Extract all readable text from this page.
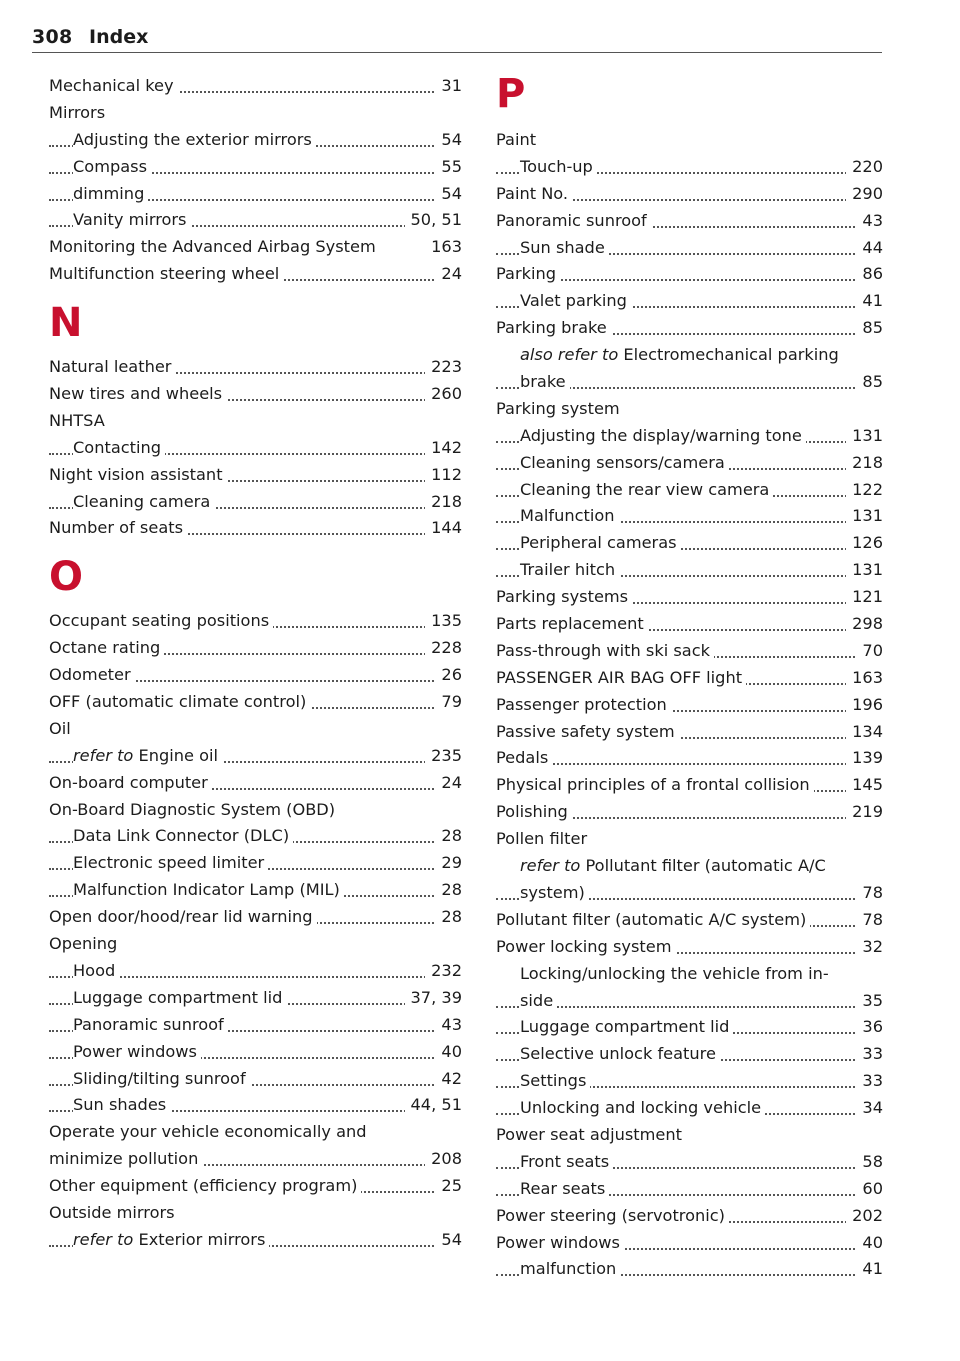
308 Index
Mechanical key	31
Mirrors
Adjusting the exterior mirrors	54
Compass	55
dimming	54
Vanity mirrors	50, 51
Monitoring the Advanced Airbag System	163
Multifunction steering wheel	24
N
Natural leather	223
New tires and wheels	260
NHTSA
Contacting	142
Night vision assistant	112
Cleaning camera	218
Number of seats	144
O
Occupant seating positions	135
Octane rating	228
Odometer	26
OFF (automatic climate control)	79
Oil
refer to Engine oil	235
On-board computer	24
On-Board Diagnostic System (OBD)
Data Link Connector (DLC)	28
Electronic speed limiter	29
Malfunction Indicator Lamp (MIL)	28
Open door/hood/rear lid warning	28
Opening
Hood	232
Luggage compartment lid	37, 39
Panoramic sunroof	43
Power windows	40
Sliding/tilting sunroof	42
Sun shades	44, 51
Operate your vehicle economically and
minimize pollution	208
Other equipment (efficiency program)	25
Outside mirrors
refer to Exterior mirrors	54
P
Paint
Touch-up	220
Paint No.	290
Panoramic sunroof	43
Sun shade	44
Parking	86
Valet parking	41
Parking brake	85
also refer to Electromechanical parking
brake	85
Parking system
Adjusting the display/warning tone	131
Cleaning sensors/camera	218
Cleaning the rear view camera	122
Malfunction	131
Peripheral cameras	126
Trailer hitch	131
Parking systems	121
Parts replacement	298
Pass-through with ski sack	70
PASSENGER AIR BAG OFF light	163
Passenger protection	196
Passive safety system	134
Pedals	139
Physical principles of a frontal collision	145
Polishing	219
Pollen filter
refer to Pollutant filter (automatic A/C
system)	78
Pollutant filter (automatic A/C system)	78
Power locking system	32
Locking/unlocking the vehicle from in-
side	35
Luggage compartment lid	36
Selective unlock feature	33
Settings	33
Unlocking and locking vehicle	34
Power seat adjustment
Front seats	58
Rear seats	60
Power steering (servotronic)	202
Power windows	40
malfunction	41
